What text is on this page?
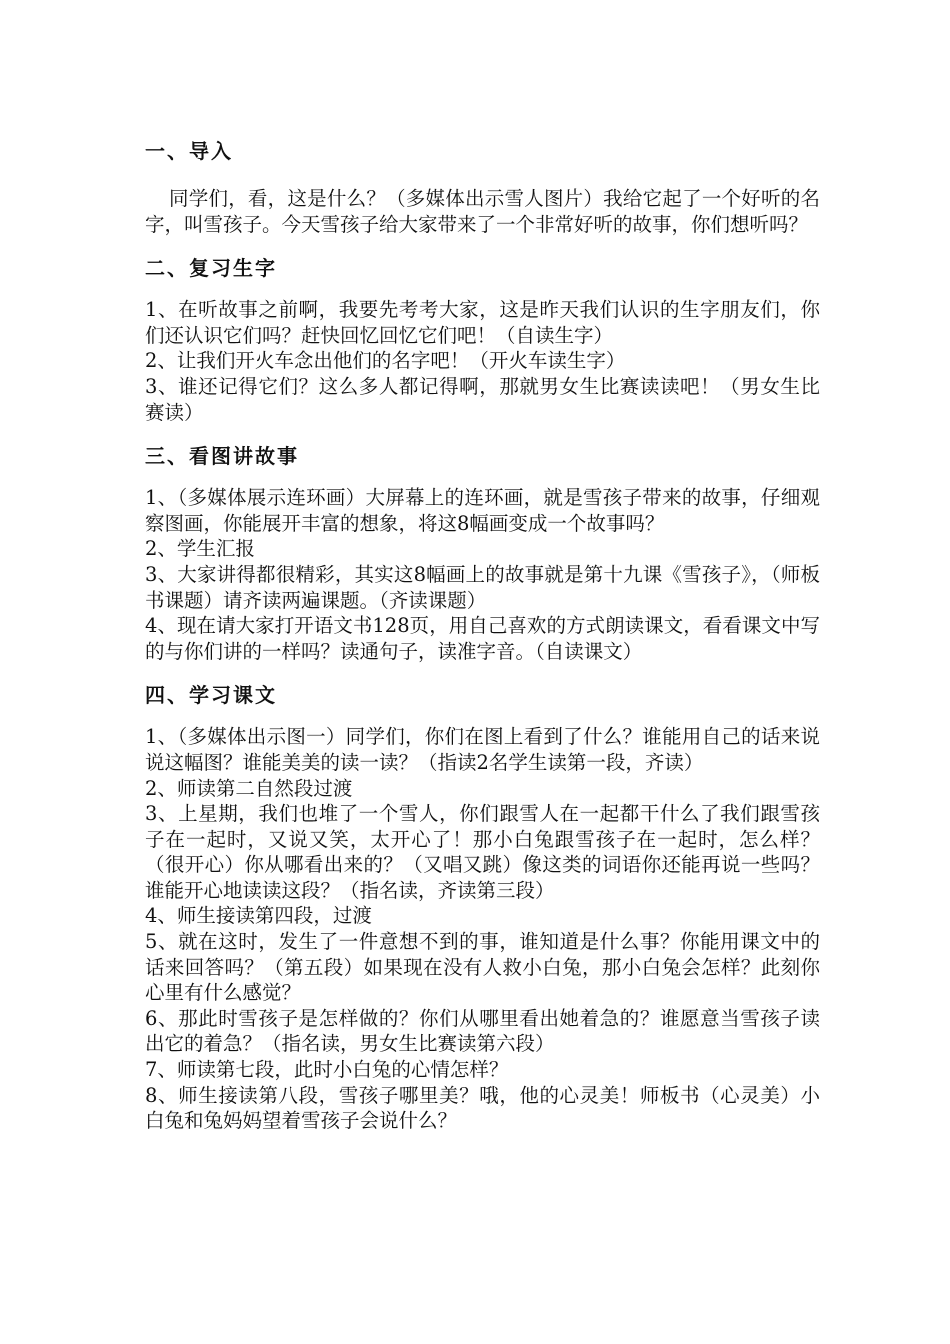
一、导入

同学们，看，这是什么？（多媒体出示雪人图片）我给它起了一个好听的名字，叫雪孩子。今天雪孩子给大家带来了一个非常好听的故事，你们想听吗？

二、复习生字

1、在听故事之前啊，我要先考考大家，这是昨天我们认识的生字朋友们，你们还认识它们吗？赶快回忆回忆它们吧！（自读生字）

2、让我们开火车念出他们的名字吧！（开火车读生字）

3、谁还记得它们？这么多人都记得啊，那就男女生比赛读读吧！（男女生比赛读）

三、看图讲故事

1、（多媒体展示连环画）大屏幕上的连环画，就是雪孩子带来的故事，仔细观察图画，你能展开丰富的想象，将这8幅画变成一个故事吗？

2、学生汇报

3、大家讲得都很精彩，其实这8幅画上的故事就是第十九课《雪孩子》，（师板书课题）请齐读两遍课题。（齐读课题）

4、现在请大家打开语文书128页，用自己喜欢的方式朗读课文，看看课文中写的与你们讲的一样吗？读通句子，读准字音。（自读课文）

四、学习课文

1、（多媒体出示图一）同学们，你们在图上看到了什么？谁能用自己的话来说说这幅图？谁能美美的读一读？（指读2名学生读第一段，齐读）

2、师读第二自然段过渡

3、上星期，我们也堆了一个雪人，你们跟雪人在一起都干什么了我们跟雪孩子在一起时，又说又笑，太开心了！那小白兔跟雪孩子在一起时，怎么样？（很开心）你从哪看出来的？（又唱又跳）像这类的词语你还能再说一些吗？谁能开心地读读这段？（指名读，齐读第三段）

4、师生接读第四段，过渡

5、就在这时，发生了一件意想不到的事，谁知道是什么事？你能用课文中的话来回答吗？（第五段）如果现在没有人救小白兔，那小白兔会怎样？此刻你心里有什么感觉？

6、那此时雪孩子是怎样做的？你们从哪里看出她着急的？谁愿意当雪孩子读出它的着急？（指名读，男女生比赛读第六段）

7、师读第七段，此时小白兔的心情怎样？

8、师生接读第八段，雪孩子哪里美？哦，他的心灵美！师板书（心灵美）小白兔和兔妈妈望着雪孩子会说什么？
